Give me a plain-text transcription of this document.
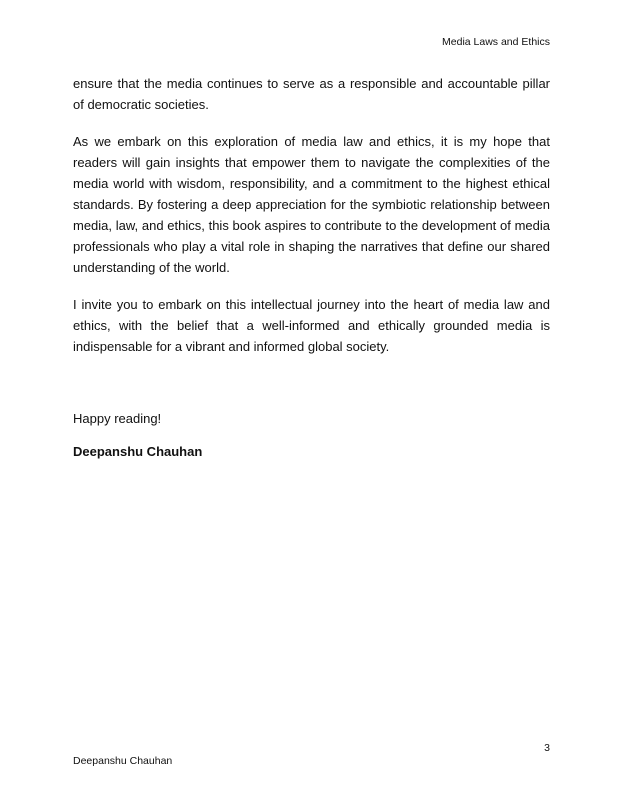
Media Laws and Ethics

ensure that the media continues to serve as a responsible and accountable pillar of democratic societies.

As we embark on this exploration of media law and ethics, it is my hope that readers will gain insights that empower them to navigate the complexities of the media world with wisdom, responsibility, and a commitment to the highest ethical standards. By fostering a deep appreciation for the symbiotic relationship between media, law, and ethics, this book aspires to contribute to the development of media professionals who play a vital role in shaping the narratives that define our shared understanding of the world.

I invite you to embark on this intellectual journey into the heart of media law and ethics, with the belief that a well-informed and ethically grounded media is indispensable for a vibrant and informed global society.

Happy reading!

Deepanshu Chauhan

3
Deepanshu Chauhan
